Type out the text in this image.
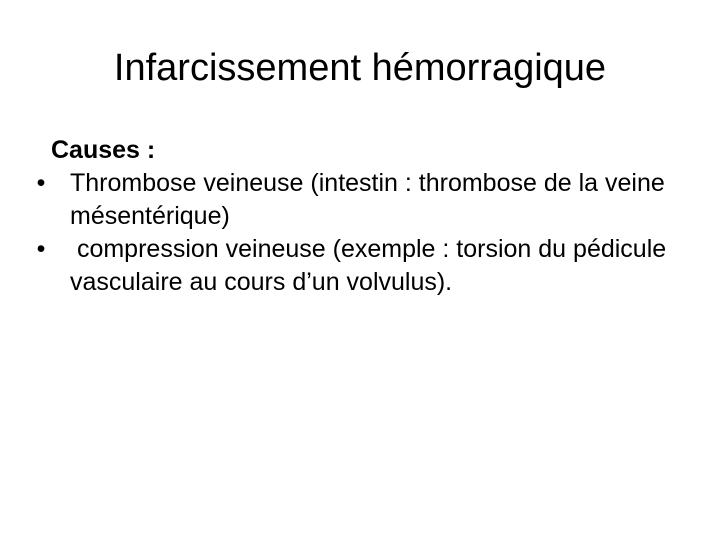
Infarcissement hémorragique

Causes :

• Thrombose veineuse (intestin : thrombose de la veine mésentérique)
• compression veineuse (exemple : torsion du pédicule vasculaire au cours d’un volvulus).
